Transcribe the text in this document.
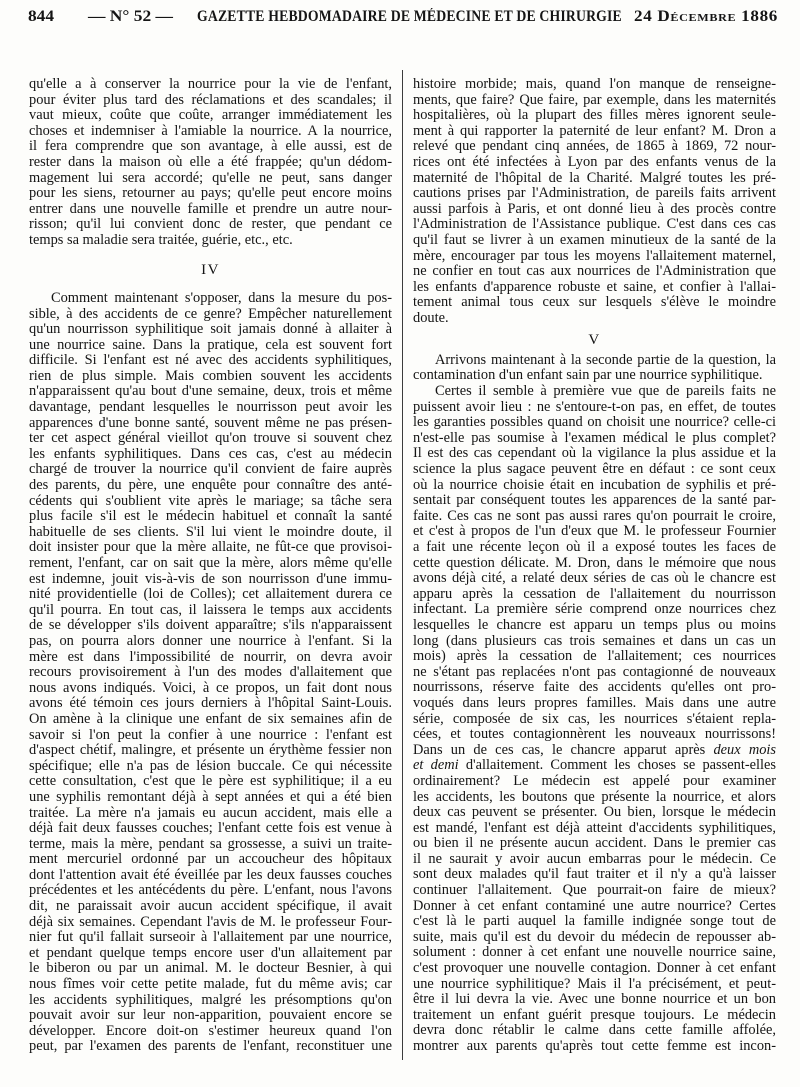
844 — N° 52 — GAZETTE HEBDOMADAIRE DE MÉDECINE ET DE CHIRURGIE 24 Décembre 1886
qu'elle a à conserver la nourrice pour la vie de l'enfant,
pour éviter plus tard des réclamations et des scandales; il
vaut mieux, coûte que coûte, arranger immédiatement les
choses et indemniser à l'amiable la nourrice. A la nourrice,
il fera comprendre que son avantage, à elle aussi, est de
rester dans la maison où elle a été frappée; qu'un dédom-
magement lui sera accordé; qu'elle ne peut, sans danger
pour les siens, retourner au pays; qu'elle peut encore moins
entrer dans une nouvelle famille et prendre un autre nour-
risson; qu'il lui convient donc de rester, que pendant ce
temps sa maladie sera traitée, guérie, etc., etc.
IV
Comment maintenant s'opposer, dans la mesure du pos-
sible, à des accidents de ce genre? Empêcher naturellement
qu'un nourrisson syphilitique soit jamais donné à allaiter à
une nourrice saine. Dans la pratique, cela est souvent fort
difficile. Si l'enfant est né avec des accidents syphilitiques,
rien de plus simple. Mais combien souvent les accidents
n'apparaissent qu'au bout d'une semaine, deux, trois et même
davantage, pendant lesquelles le nourrisson peut avoir les
apparences d'une bonne santé, souvent même ne pas présen-
ter cet aspect général vieillot qu'on trouve si souvent chez
les enfants syphilitiques. Dans ces cas, c'est au médecin
chargé de trouver la nourrice qu'il convient de faire auprès
des parents, du père, une enquête pour connaître des anté-
cédents qui s'oublient vite après le mariage; sa tâche sera
plus facile s'il est le médecin habituel et connaît la santé
habituelle de ses clients. S'il lui vient le moindre doute, il
doit insister pour que la mère allaite, ne fût-ce que provisoi-
rement, l'enfant, car on sait que la mère, alors même qu'elle
est indemne, jouit vis-à-vis de son nourrisson d'une immu-
nité providentielle (loi de Colles); cet allaitement durera ce
qu'il pourra. En tout cas, il laissera le temps aux accidents
de se développer s'ils doivent apparaître; s'ils n'apparaissent
pas, on pourra alors donner une nourrice à l'enfant. Si la
mère est dans l'impossibilité de nourrir, on devra avoir
recours provisoirement à l'un des modes d'allaitement que
nous avons indiqués. Voici, à ce propos, un fait dont nous
avons été témoin ces jours derniers à l'hôpital Saint-Louis.
On amène à la clinique une enfant de six semaines afin de
savoir si l'on peut la confier à une nourrice : l'enfant est
d'aspect chétif, malingre, et présente un érythème fessier non
spécifique; elle n'a pas de lésion buccale. Ce qui nécessite
cette consultation, c'est que le père est syphilitique; il a eu
une syphilis remontant déjà à sept années et qui a été bien
traitée. La mère n'a jamais eu aucun accident, mais elle a
déjà fait deux fausses couches; l'enfant cette fois est venue à
terme, mais la mère, pendant sa grossesse, a suivi un traite-
ment mercuriel ordonné par un accoucheur des hôpitaux
dont l'attention avait été éveillée par les deux fausses couches
précédentes et les antécédents du père. L'enfant, nous l'avons
dit, ne paraissait avoir aucun accident spécifique, il avait
déjà six semaines. Cependant l'avis de M. le professeur Four-
nier fut qu'il fallait surseoir à l'allaitement par une nourrice,
et pendant quelque temps encore user d'un allaitement par
le biberon ou par un animal. M. le docteur Besnier, à qui
nous fîmes voir cette petite malade, fut du même avis; car
les accidents syphilitiques, malgré les présomptions qu'on
pouvait avoir sur leur non-apparition, pouvaient encore se
développer. Encore doit-on s'estimer heureux quand l'on
peut, par l'examen des parents de l'enfant, reconstituer une
histoire morbide; mais, quand l'on manque de renseigne-
ments, que faire? Que faire, par exemple, dans les maternités
hospitalières, où la plupart des filles mères ignorent seule-
ment à qui rapporter la paternité de leur enfant? M. Dron a
relevé que pendant cinq années, de 1865 à 1869, 72 nour-
rices ont été infectées à Lyon par des enfants venus de la
maternité de l'hôpital de la Charité. Malgré toutes les pré-
cautions prises par l'Administration, de pareils faits arrivent
aussi parfois à Paris, et ont donné lieu à des procès contre
l'Administration de l'Assistance publique. C'est dans ces cas
qu'il faut se livrer à un examen minutieux de la santé de la
mère, encourager par tous les moyens l'allaitement maternel,
ne confier en tout cas aux nourrices de l'Administration que
les enfants d'apparence robuste et saine, et confier à l'allai-
tement animal tous ceux sur lesquels s'élève le moindre
doute.
V
Arrivons maintenant à la seconde partie de la question, la
contamination d'un enfant sain par une nourrice syphilitique.
Certes il semble à première vue que de pareils faits ne
puissent avoir lieu : ne s'entoure-t-on pas, en effet, de toutes
les garanties possibles quand on choisit une nourrice? celle-ci
n'est-elle pas soumise à l'examen médical le plus complet?
Il est des cas cependant où la vigilance la plus assidue et la
science la plus sagace peuvent être en défaut : ce sont ceux
où la nourrice choisie était en incubation de syphilis et pré-
sentait par conséquent toutes les apparences de la santé par-
faite. Ces cas ne sont pas aussi rares qu'on pourrait le croire,
et c'est à propos de l'un d'eux que M. le professeur Fournier
a fait une récente leçon où il a exposé toutes les faces de
cette question délicate. M. Dron, dans le mémoire que nous
avons déjà cité, a relaté deux séries de cas où le chancre est
apparu après la cessation de l'allaitement du nourrisson
infectant. La première série comprend onze nourrices chez
lesquelles le chancre est apparu un temps plus ou moins
long (dans plusieurs cas trois semaines et dans un cas un
mois) après la cessation de l'allaitement; ces nourrices
ne s'étant pas replacées n'ont pas contagionné de nouveaux
nourrissons, réserve faite des accidents qu'elles ont pro-
voqués dans leurs propres familles. Mais dans une autre
série, composée de six cas, les nourrices s'étaient repla-
cées, et toutes contagionnèrent les nouveaux nourrissons!
Dans un de ces cas, le chancre apparut après deux mois
et demi d'allaitement. Comment les choses se passent-elles
ordinairement? Le médecin est appelé pour examiner
les accidents, les boutons que présente la nourrice, et alors
deux cas peuvent se présenter. Ou bien, lorsque le médecin
est mandé, l'enfant est déjà atteint d'accidents syphilitiques,
ou bien il ne présente aucun accident. Dans le premier cas
il ne saurait y avoir aucun embarras pour le médecin. Ce
sont deux malades qu'il faut traiter et il n'y a qu'à laisser
continuer l'allaitement. Que pourrait-on faire de mieux?
Donner à cet enfant contaminé une autre nourrice? Certes
c'est là le parti auquel la famille indignée songe tout de
suite, mais qu'il est du devoir du médecin de repousser ab-
solument : donner à cet enfant une nouvelle nourrice saine,
c'est provoquer une nouvelle contagion. Donner à cet enfant
une nourrice syphilitique? Mais il l'a précisément, et peut-
être il lui devra la vie. Avec une bonne nourrice et un bon
traitement un enfant guérit presque toujours. Le médecin
devra donc rétablir le calme dans cette famille affolée,
montrer aux parents qu'après tout cette femme est incon-
